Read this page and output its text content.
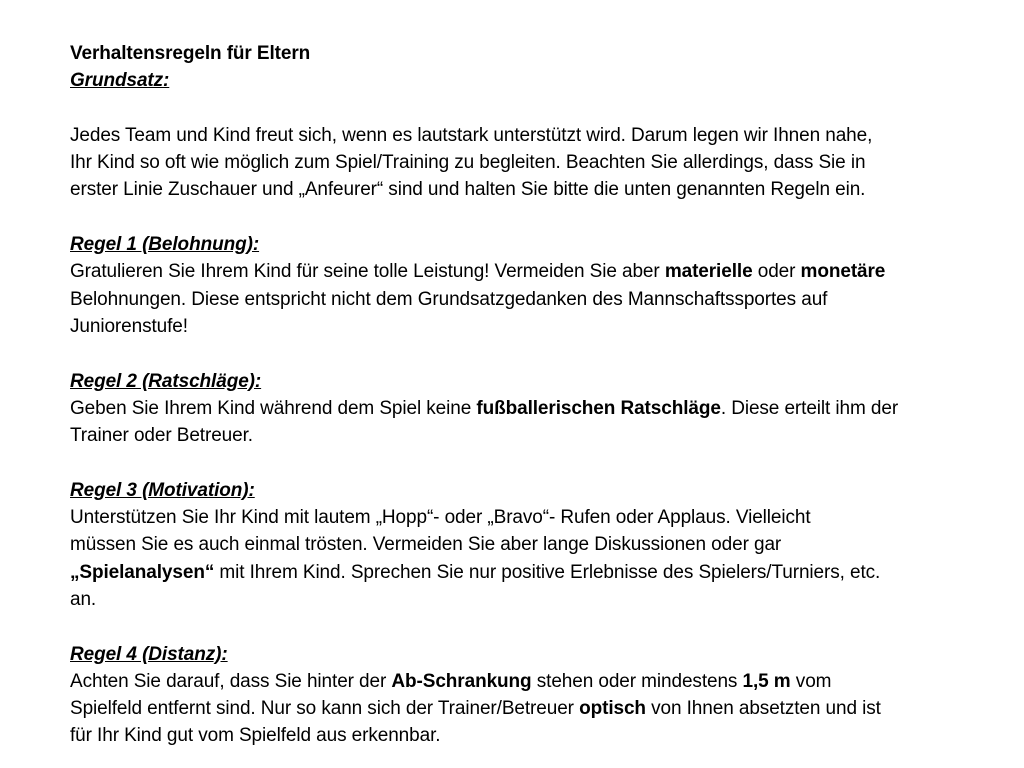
Verhaltensregeln für Eltern
Grundsatz:
Jedes Team und Kind freut sich, wenn es lautstark unterstützt wird. Darum legen wir Ihnen nahe,
Ihr Kind so oft wie möglich zum Spiel/Training zu begleiten. Beachten Sie allerdings, dass Sie in
erster Linie Zuschauer und „Anfeurer“ sind und halten Sie bitte die unten genannten Regeln ein.
Regel 1 (Belohnung):
Gratulieren Sie Ihrem Kind für seine tolle Leistung! Vermeiden Sie aber materielle oder monetäre
Belohnungen. Diese entspricht nicht dem Grundsatzgedanken des Mannschaftssportes auf
Juniorenstufe!
Regel 2 (Ratschläge):
Geben Sie Ihrem Kind während dem Spiel keine fußballerischen Ratschläge. Diese erteilt ihm der
Trainer oder Betreuer.
Regel 3 (Motivation):
Unterstützen Sie Ihr Kind mit lautem „Hopp“- oder „Bravo“- Rufen oder Applaus. Vielleicht
müssen Sie es auch einmal trösten. Vermeiden Sie aber lange Diskussionen oder gar
„Spielanalysen“ mit Ihrem Kind. Sprechen Sie nur positive Erlebnisse des Spielers/Turniers, etc.
an.
Regel 4 (Distanz):
Achten Sie darauf, dass Sie hinter der Ab-Schrankung stehen oder mindestens 1,5 m vom
Spielfeld entfernt sind. Nur so kann sich der Trainer/Betreuer optisch von Ihnen absetzten und ist
für Ihr Kind gut vom Spielfeld aus erkennbar.
